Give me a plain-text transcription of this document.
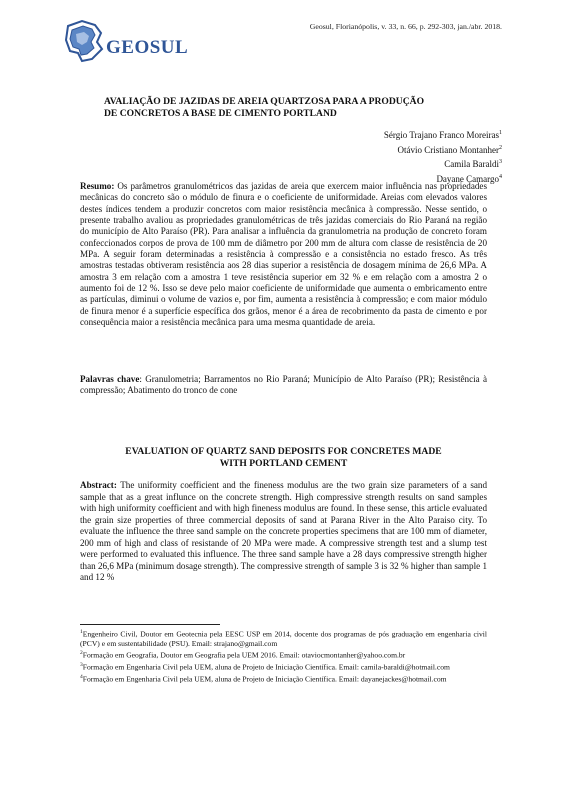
GEOSUL
Geosul, Florianópolis, v. 33, n. 66, p. 292-303, jan./abr. 2018.
AVALIAÇÃO DE JAZIDAS DE AREIA QUARTZOSA PARA A PRODUÇÃO
DE CONCRETOS A BASE DE CIMENTO PORTLAND
Sérgio Trajano Franco Moreiras$^1$
Otávio Cristiano Montanher$^2$
Camila Baraldi$^3$
Dayane Camargo$^4$
Resumo: Os parâmetros granulométricos das jazidas de areia que exercem maior influência nas propriedades mecânicas do concreto são o módulo de finura e o coeficiente de uniformidade. Areias com elevados valores destes índices tendem a produzir concretos com maior resistência mecânica à compressão. Nesse sentido, o presente trabalho avaliou as propriedades granulométricas de três jazidas comerciais do Rio Paraná na região do município de Alto Paraíso (PR). Para analisar a influência da granulometria na produção de concreto foram confeccionados corpos de prova de 100 mm de diâmetro por 200 mm de altura com classe de resistência de 20 MPa. A seguir foram determinadas a resistência à compressão e a consistência no estado fresco. As três amostras testadas obtiveram resistência aos 28 dias superior a resistência de dosagem mínima de 26,6 MPa. A amostra 3 em relação com a amostra 1 teve resistência superior em 32 % e em relação com a amostra 2 o aumento foi de 12 %. Isso se deve pelo maior coeficiente de uniformidade que aumenta o embricamento entre as partículas, diminui o volume de vazios e, por fim, aumenta a resistência à compressão; e com maior módulo de finura menor é a superfície específica dos grãos, menor é a área de recobrimento da pasta de cimento e por consequência maior a resistência mecânica para uma mesma quantidade de areia.
Palavras chave: Granulometria; Barramentos no Rio Paraná; Município de Alto Paraíso (PR); Resistência à compressão; Abatimento do tronco de cone
EVALUATION OF QUARTZ SAND DEPOSITS FOR CONCRETES MADE
WITH PORTLAND CEMENT
Abstract: The uniformity coefficient and the fineness modulus are the two grain size parameters of a sand sample that as a great influnce on the concrete strength. High compressive strength results on sand samples with high uniformity coefficient and with high fineness modulus are found. In these sense, this article evaluated the grain size properties of three commercial deposits of sand at Parana River in the Alto Paraiso city. To evaluate the influence the three sand sample on the concrete properties specimens that are 100 mm of diameter, 200 mm of high and class of resistande of 20 MPa were made. A compressive strength test and a slump test were performed to evaluated this influence. The three sand sample have a 28 days compressive strength higher than 26,6 MPa (minimum dosage strength). The compressive strength of sample 3 is 32 % higher than sample 1 and 12 %

$^1$Engenheiro Civil, Doutor em Geotecnia pela EESC USP em 2014, docente dos programas de pós graduação em engenharia civil (PCV) e em sustentabilidade (PSU). Email: strajano@gmail.com

$^2$Formação em Geografia, Doutor em Geografia pela UEM 2016. Email: otaviocmontanher@yahoo.com.br

$^3$Formação em Engenharia Civil pela UEM, aluna de Projeto de Iniciação Científica. Email: camila-baraldi@hotmail.com

$^4$Formação em Engenharia Civil pela UEM, aluna de Projeto de Iniciação Científica. Email: dayanejackes@hotmail.com
